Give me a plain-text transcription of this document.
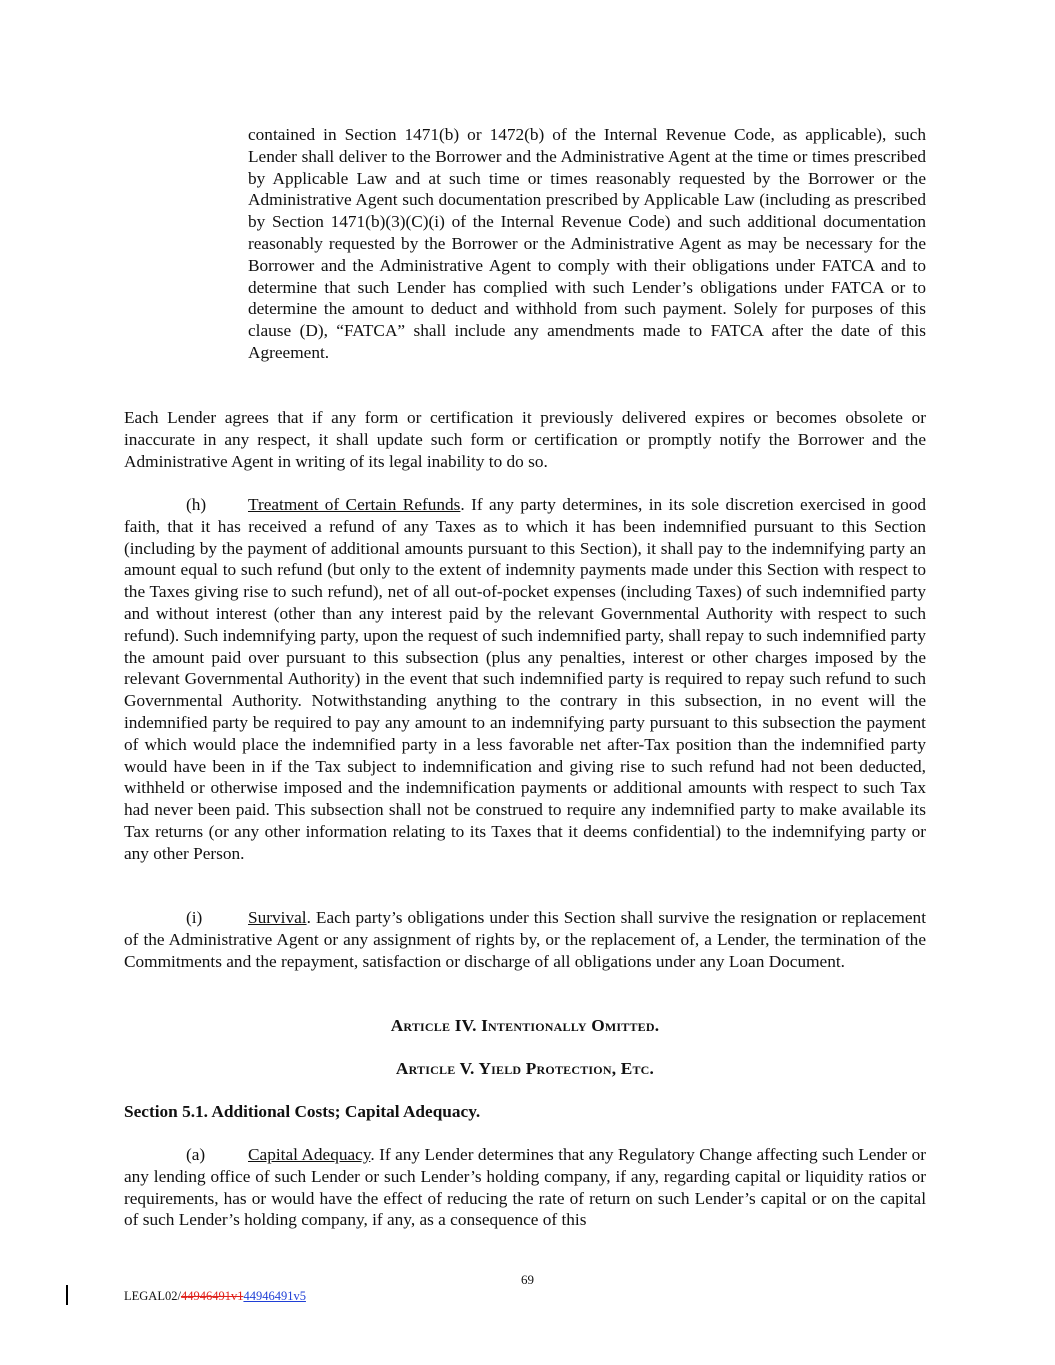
contained in Section 1471(b) or 1472(b) of the Internal Revenue Code, as applicable), such Lender shall deliver to the Borrower and the Administrative Agent at the time or times prescribed by Applicable Law and at such time or times reasonably requested by the Borrower or the Administrative Agent such documentation prescribed by Applicable Law (including as prescribed by Section 1471(b)(3)(C)(i) of the Internal Revenue Code) and such additional documentation reasonably requested by the Borrower or the Administrative Agent as may be necessary for the Borrower and the Administrative Agent to comply with their obligations under FATCA and to determine that such Lender has complied with such Lender’s obligations under FATCA or to determine the amount to deduct and withhold from such payment. Solely for purposes of this clause (D), “FATCA” shall include any amendments made to FATCA after the date of this Agreement.

Each Lender agrees that if any form or certification it previously delivered expires or becomes obsolete or inaccurate in any respect, it shall update such form or certification or promptly notify the Borrower and the Administrative Agent in writing of its legal inability to do so.

(h) Treatment of Certain Refunds. If any party determines, in its sole discretion exercised in good faith, that it has received a refund of any Taxes as to which it has been indemnified pursuant to this Section (including by the payment of additional amounts pursuant to this Section), it shall pay to the indemnifying party an amount equal to such refund (but only to the extent of indemnity payments made under this Section with respect to the Taxes giving rise to such refund), net of all out-of-pocket expenses (including Taxes) of such indemnified party and without interest (other than any interest paid by the relevant Governmental Authority with respect to such refund). Such indemnifying party, upon the request of such indemnified party, shall repay to such indemnified party the amount paid over pursuant to this subsection (plus any penalties, interest or other charges imposed by the relevant Governmental Authority) in the event that such indemnified party is required to repay such refund to such Governmental Authority. Notwithstanding anything to the contrary in this subsection, in no event will the indemnified party be required to pay any amount to an indemnifying party pursuant to this subsection the payment of which would place the indemnified party in a less favorable net after-Tax position than the indemnified party would have been in if the Tax subject to indemnification and giving rise to such refund had not been deducted, withheld or otherwise imposed and the indemnification payments or additional amounts with respect to such Tax had never been paid. This subsection shall not be construed to require any indemnified party to make available its Tax returns (or any other information relating to its Taxes that it deems confidential) to the indemnifying party or any other Person.

(i)	Survival. Each party’s obligations under this Section shall survive the resignation or replacement of the Administrative Agent or any assignment of rights by, or the replacement of, a Lender, the termination of the Commitments and the repayment, satisfaction or discharge of all obligations under any Loan Document.

Article IV. Intentionally Omitted.
Article V. Yield Protection, Etc.
Section 5.1. Additional Costs; Capital Adequacy.

(a) Capital Adequacy. If any Lender determines that any Regulatory Change affecting such Lender or any lending office of such Lender or such Lender’s holding company, if any, regarding capital or liquidity ratios or requirements, has or would have the effect of reducing the rate of return on such Lender’s capital or on the capital of such Lender’s holding company, if any, as a consequence of this

69
LEGAL02/44946491v144946491v5
